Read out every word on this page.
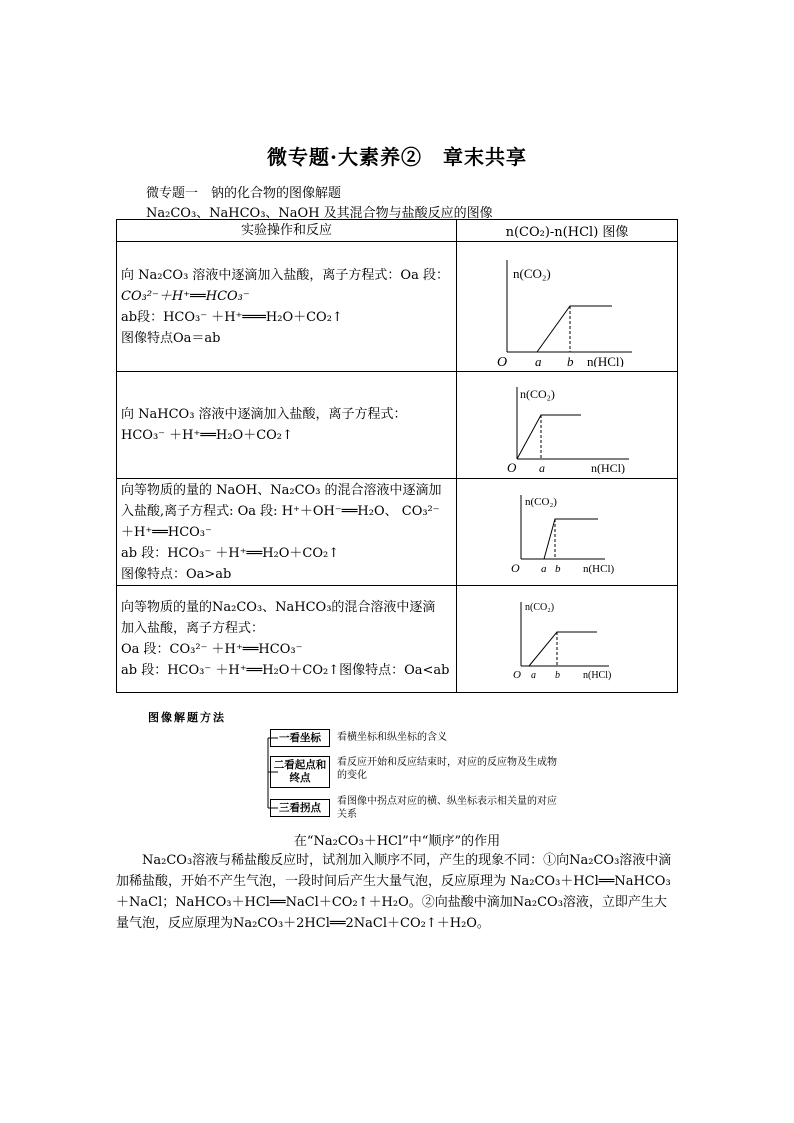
微专题·大素养②　章末共享
微专题一　钠的化合物的图像解题
Na₂CO₃、NaHCO₃、NaOH 及其混合物与盐酸反应的图像
实验操作和反应	n(CO₂)-n(HCl) 图像

向 Na₂CO₃ 溶液中逐滴加入盐酸，离子方程式：Oa 段：
CO₃²⁻＋H⁺══HCO₃⁻
ab段：HCO₃⁻ ＋H⁺═══H₂O＋CO₂↑
图像特点Oa＝ab	n(CO₂)
n(HCl)
O a b

向 NaHCO₃ 溶液中逐滴加入盐酸，离子方程式：
HCO₃⁻ ＋H⁺══H₂O＋CO₂↑	n(CO₂)
n(HCl)
O a

向等物质的量的 NaOH、Na₂CO₃ 的混合溶液中逐滴加
入盐酸,离子方程式: Oa 段: H⁺＋OH⁻══H₂O、 CO₃²⁻
＋H⁺══HCO₃⁻
ab 段：HCO₃⁻ ＋H⁺══H₂O＋CO₂↑
图像特点：Oa>ab	n(CO₂)
n(HCl)
O a b

向等物质的量的Na₂CO₃、NaHCO₃的混合溶液中逐滴
加入盐酸，离子方程式：
Oa 段：CO₃²⁻ ＋H⁺══HCO₃⁻
ab 段：HCO₃⁻ ＋H⁺══H₂O＋CO₂↑图像特点：Oa<ab	n(CO₂)
n(HCl)
O a b
图像解题方法
一看坐标	看横坐标和纵坐标的含义
二看起点和终点
看反应开始和反应结束时，对应的反应物及生成物的变化
三看拐点
看图像中拐点对应的横、纵坐标表示相关量的对应关系
在“Na₂CO₃＋HCl”中“顺序”的作用
Na₂CO₃溶液与稀盐酸反应时，试剂加入顺序不同，产生的现象不同：①向Na₂CO₃溶液中滴加稀盐酸，开始不产生气泡，一段时间后产生大量气泡，反应原理为 Na₂CO₃＋HCl══NaHCO₃＋NaCl；NaHCO₃＋HCl══NaCl＋CO₂↑＋H₂O。②向盐酸中滴加Na₂CO₃溶液，立即产生大量气泡，反应原理为Na₂CO₃＋2HCl══2NaCl＋CO₂↑＋H₂O。
